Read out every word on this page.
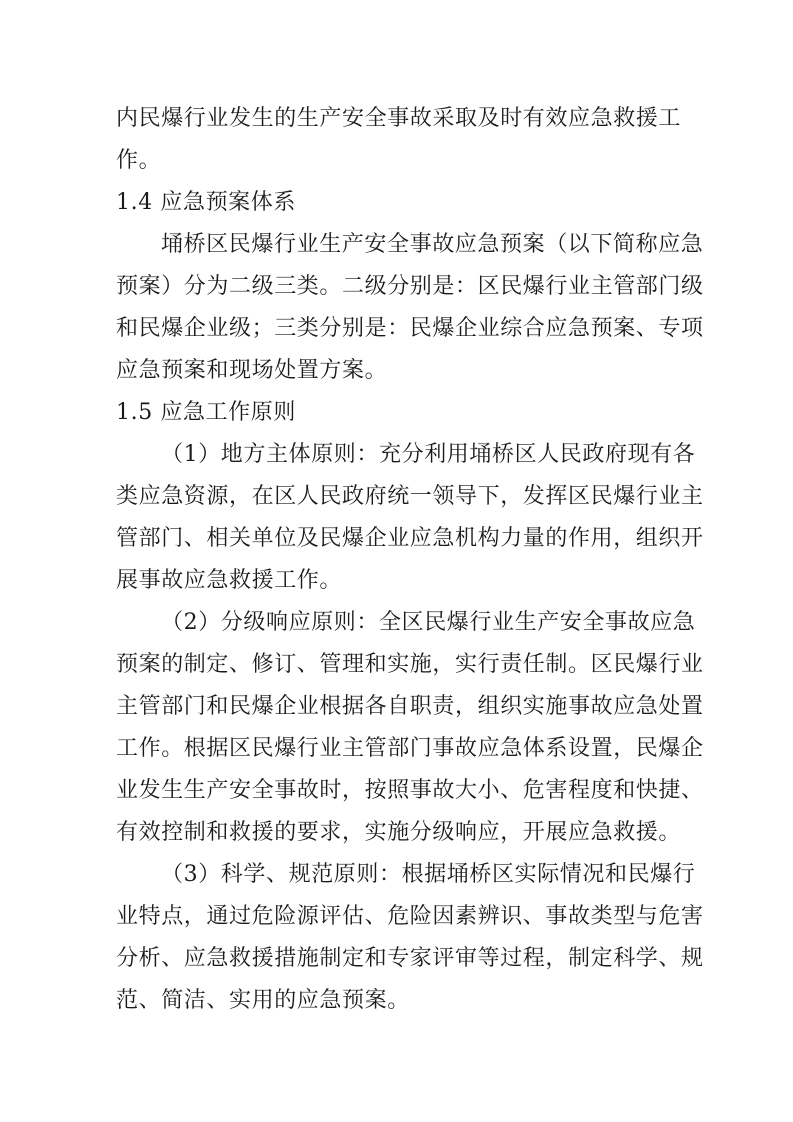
内民爆行业发生的生产安全事故采取及时有效应急救援工
作。
1.4 应急预案体系
埇桥区民爆行业生产安全事故应急预案（以下简称应急
预案）分为二级三类。二级分别是：区民爆行业主管部门级
和民爆企业级；三类分别是：民爆企业综合应急预案、专项
应急预案和现场处置方案。
1.5 应急工作原则
（1）地方主体原则：充分利用埇桥区人民政府现有各
类应急资源，在区人民政府统一领导下，发挥区民爆行业主
管部门、相关单位及民爆企业应急机构力量的作用，组织开
展事故应急救援工作。
（2）分级响应原则：全区民爆行业生产安全事故应急
预案的制定、修订、管理和实施，实行责任制。区民爆行业
主管部门和民爆企业根据各自职责，组织实施事故应急处置
工作。根据区民爆行业主管部门事故应急体系设置，民爆企
业发生生产安全事故时，按照事故大小、危害程度和快捷、
有效控制和救援的要求，实施分级响应，开展应急救援。
（3）科学、规范原则：根据埇桥区实际情况和民爆行
业特点，通过危险源评估、危险因素辨识、事故类型与危害
分析、应急救援措施制定和专家评审等过程，制定科学、规
范、简洁、实用的应急预案。
